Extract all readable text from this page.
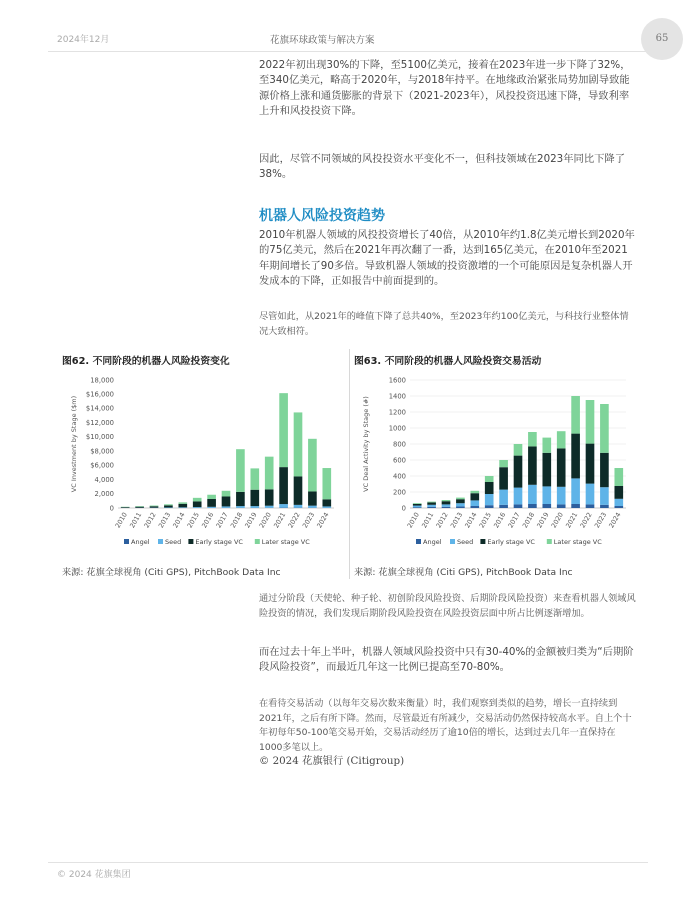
2024年12月	花旗环球政策与解决方案	65

2022年初出现30%的下降，至5100亿美元，接着在2023年进一步下降了32%，至340亿美元，略高于2020年，与2018年持平。在地缘政治紧张局势加剧导致能源价格上涨和通货膨胀的背景下（2021-2023年），风投投资迅速下降，导致利率上升和风投投资下降。

因此，尽管不同领域的风投投资水平变化不一，但科技领域在2023年同比下降了38%。

机器人风险投资趋势

2010年机器人领域的风投投资增长了40倍，从2010年约1.8亿美元增长到2020年的75亿美元，然后在2021年再次翻了一番，达到165亿美元，在2010年至2021年期间增长了90多倍。导致机器人领域的投资激增的一个可能原因是复杂机器人开发成本的下降，正如报告中前面提到的。

尽管如此，从2021年的峰值下降了总共40%，至2023年约100亿美元，与科技行业整体情况大致相符。

图62. 不同阶段的机器人风险投资变化	图63. 不同阶段的机器人风险投资交易活动
VC Investment by Stage ($m)
0
2,000
4,000
$6,000
$8,000
$10,000
$12,000
$14,000
$16,000
18,000
2010 2011 2012 2013 2014 2015 2016 2017 2018 2019 2020 2021 2022 2023 2024
Angel Seed Early stage VC	Later stage VC
VC Deal Activity by Stage (#)
0
200
400
600
800
1000
1200
1400
1600
2010 2011 2012 2013 2014 2015 2016 2017 2018 2019 2020 2021 2022 2023 2024
Angel Seed Early stage VC	Later stage VC
来源: 花旗全球视角 (Citi GPS), PitchBook Data Inc	来源: 花旗全球视角 (Citi GPS), PitchBook Data Inc

通过分阶段（天使轮、种子轮、初创阶段风险投资、后期阶段风险投资）来查看机器人领域风险投资的情况，我们发现后期阶段风险投资在风险投资层面中所占比例逐渐增加。

而在过去十年上半叶，机器人领域风险投资中只有30-40%的金额被归类为“后期阶段风险投资”，而最近几年这一比例已提高至70-80%。

在看待交易活动（以每年交易次数来衡量）时，我们观察到类似的趋势，增长一直持续到2021年，之后有所下降。然而，尽管最近有所减少，交易活动仍然保持较高水平。自上个十年初每年50-100笔交易开始，交易活动经历了逾10倍的增长，达到过去几年一直保持在1000多笔以上。

© 2024 花旗银行 (Citigroup)
© 2024 花旗集团
